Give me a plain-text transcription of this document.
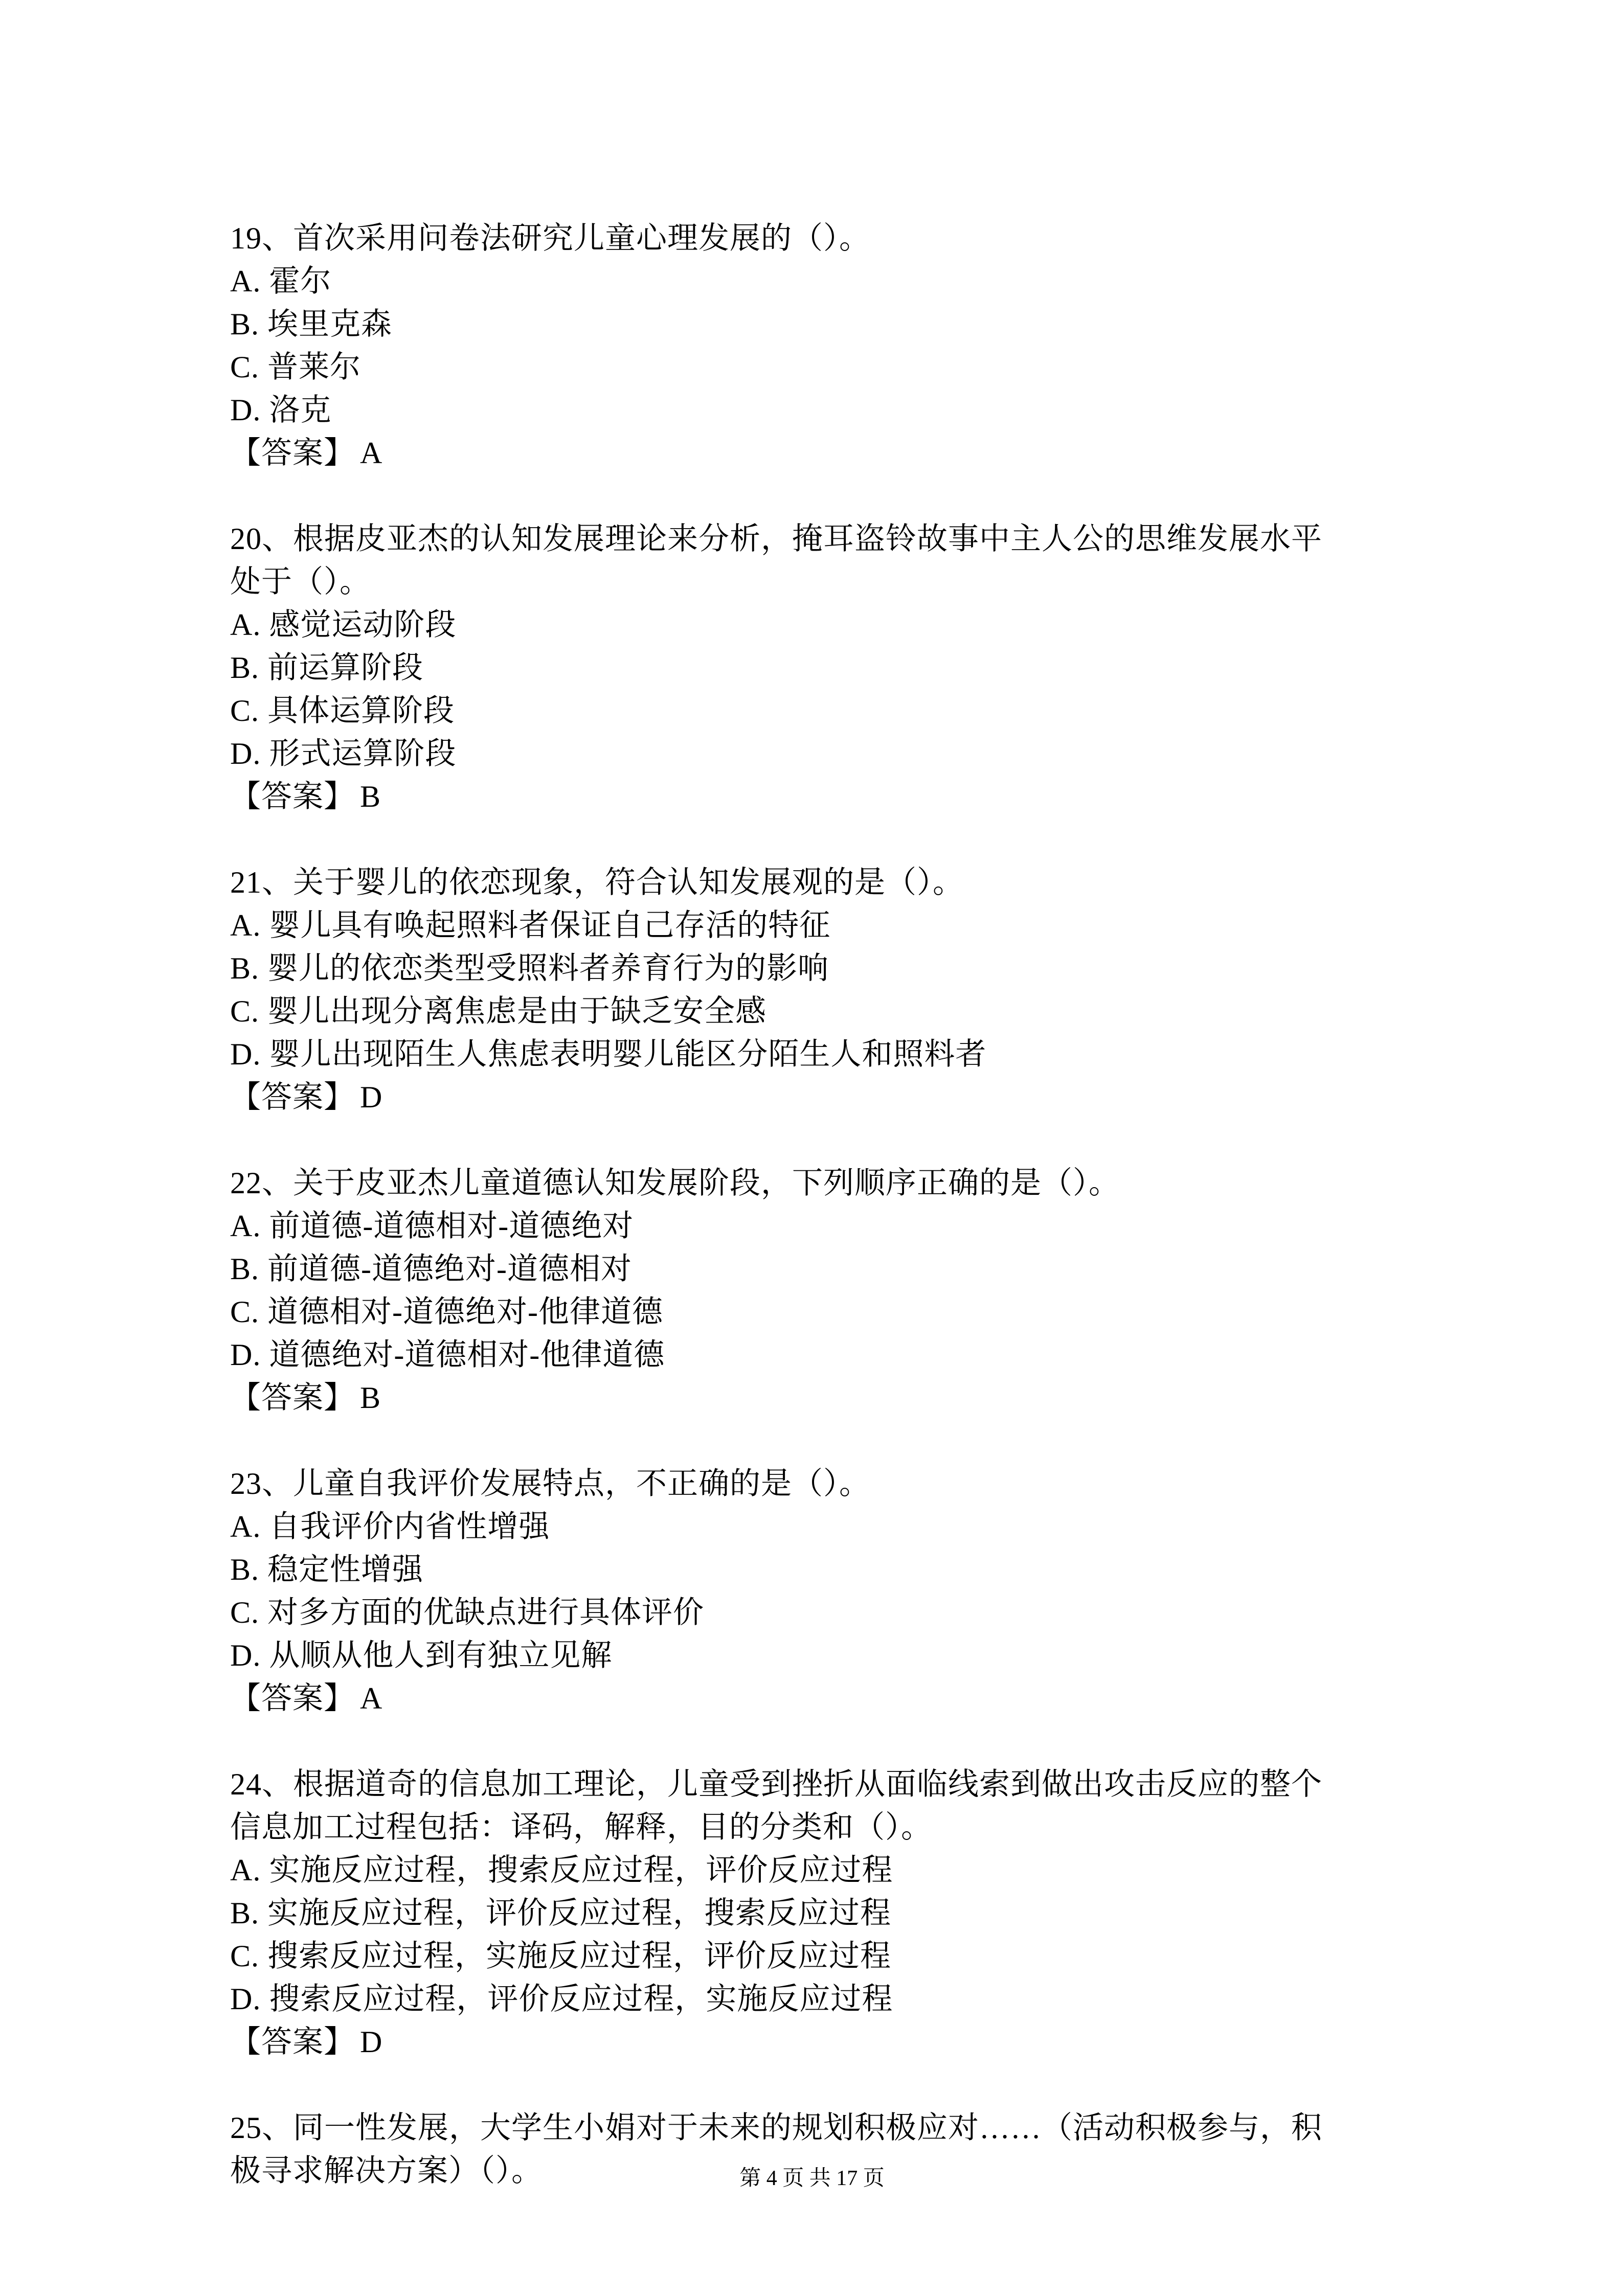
19、首次采用问卷法研究儿童心理发展的（）。

A. 霍尔

B. 埃里克森

C. 普莱尔

D. 洛克

【答案】 A

20、根据皮亚杰的认知发展理论来分析，掩耳盗铃故事中主人公的思维发展水平

处于（）。

A. 感觉运动阶段

B. 前运算阶段

C. 具体运算阶段

D. 形式运算阶段

【答案】 B

21、关于婴儿的依恋现象，符合认知发展观的是（）。

A. 婴儿具有唤起照料者保证自己存活的特征

B. 婴儿的依恋类型受照料者养育行为的影响

C. 婴儿出现分离焦虑是由于缺乏安全感

D. 婴儿出现陌生人焦虑表明婴儿能区分陌生人和照料者

【答案】 D

22、关于皮亚杰儿童道德认知发展阶段，下列顺序正确的是（）。

A. 前道德-道德相对-道德绝对

B. 前道德-道德绝对-道德相对

C. 道德相对-道德绝对-他律道德

D. 道德绝对-道德相对-他律道德

【答案】 B

23、儿童自我评价发展特点，不正确的是（）。

A. 自我评价内省性增强

B. 稳定性增强

C. 对多方面的优缺点进行具体评价

D. 从顺从他人到有独立见解

【答案】 A

24、根据道奇的信息加工理论，儿童受到挫折从面临线索到做出攻击反应的整个

信息加工过程包括：译码，解释，目的分类和（）。

A. 实施反应过程，搜索反应过程，评价反应过程

B. 实施反应过程，评价反应过程，搜索反应过程

C. 搜索反应过程，实施反应过程，评价反应过程

D. 搜索反应过程，评价反应过程，实施反应过程

【答案】 D

25、同一性发展，大学生小娟对于未来的规划积极应对……（活动积极参与，积

极寻求解决方案）（）。	第 4 页 共 17 页
